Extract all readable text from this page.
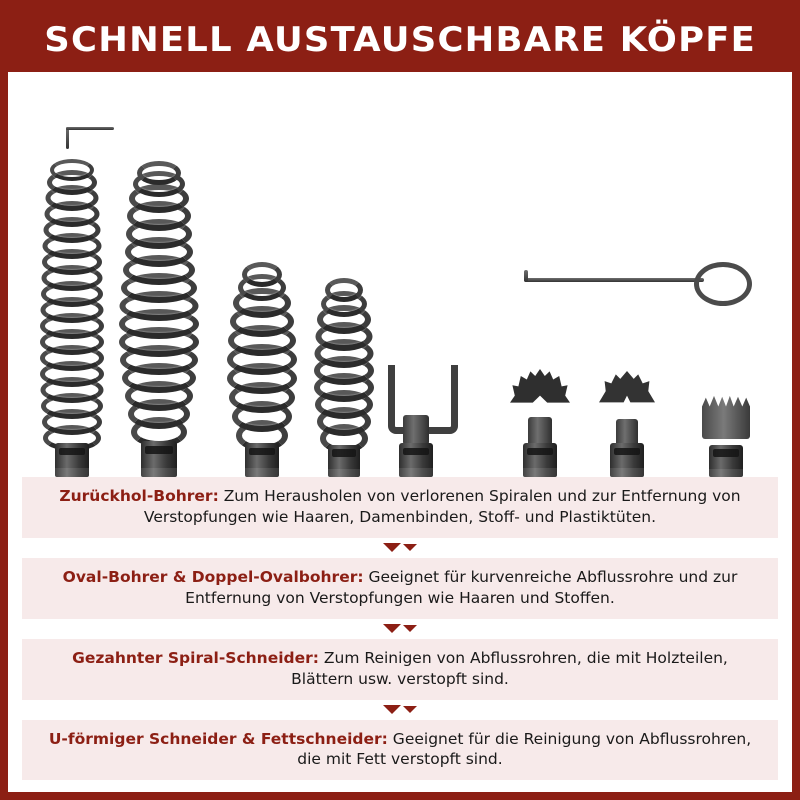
SCHNELL AUSTAUSCHBARE KÖPFE
Zurückhol-Bohrer: Zum Herausholen von verlorenen Spiralen und zur Entfernung von Verstopfungen wie Haaren, Damenbinden, Stoff- und Plastiktüten.
Oval-Bohrer & Doppel-Ovalbohrer: Geeignet für kurvenreiche Abflussrohre und zur Entfernung von Verstopfungen wie Haaren und Stoffen.
Gezahnter Spiral-Schneider: Zum Reinigen von Abflussrohren, die mit Holzteilen, Blättern usw. verstopft sind.
U-förmiger Schneider & Fettschneider: Geeignet für die Reinigung von Abflussrohren, die mit Fett verstopft sind.
